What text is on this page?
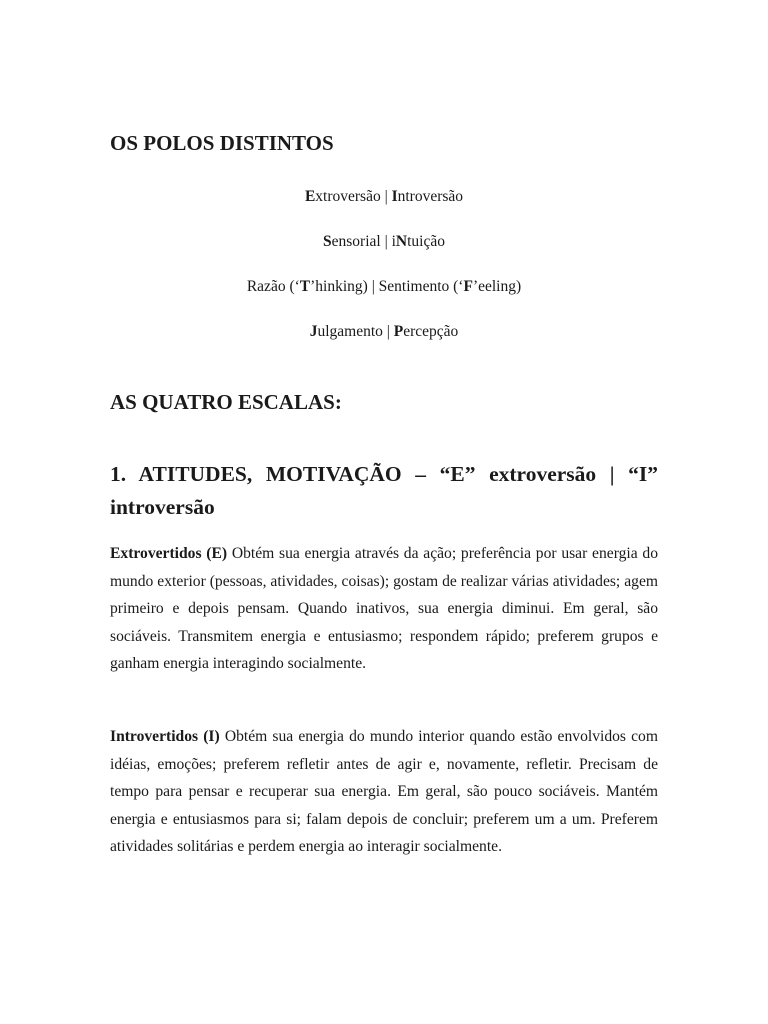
OS POLOS DISTINTOS
Extroversão | Introversão
Sensorial | iNtuição
Razão (‘T’hinking) | Sentimento (‘F’eeling)
Julgamento | Percepção
AS QUATRO ESCALAS:
1. ATITUDES, MOTIVAÇÃO – “E” extroversão | “I” introversão

Extrovertidos (E) Obtém sua energia através da ação; preferência por usar energia do mundo exterior (pessoas, atividades, coisas); gostam de realizar várias atividades; agem primeiro e depois pensam. Quando inativos, sua energia diminui. Em geral, são sociáveis. Transmitem energia e entusiasmo; respondem rápido; preferem grupos e ganham energia interagindo socialmente.

Introvertidos (I) Obtém sua energia do mundo interior quando estão envolvidos com idéias, emoções; preferem refletir antes de agir e, novamente, refletir. Precisam de tempo para pensar e recuperar sua energia. Em geral, são pouco sociáveis. Mantém energia e entusiasmos para si; falam depois de concluir; preferem um a um. Preferem atividades solitárias e perdem energia ao interagir socialmente.
